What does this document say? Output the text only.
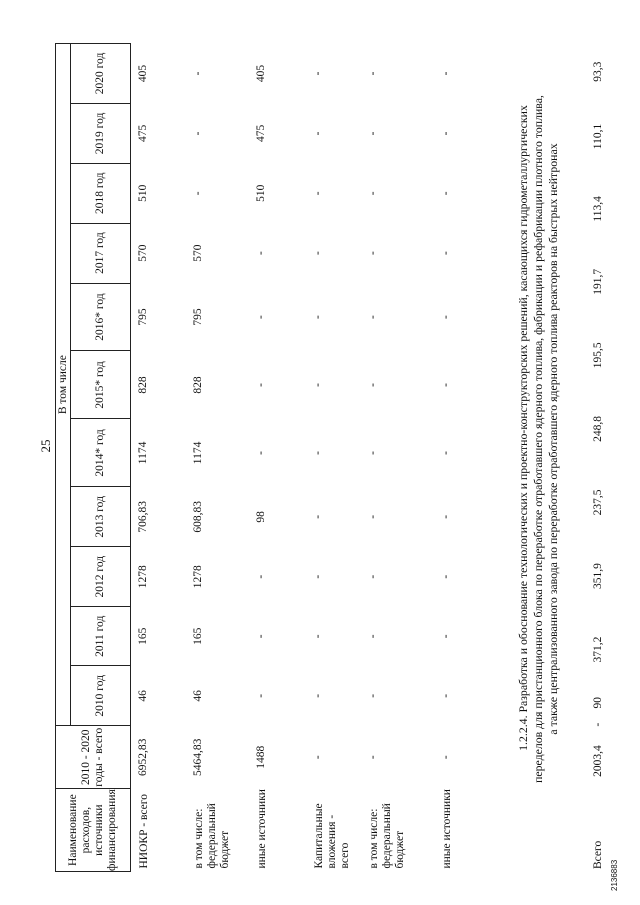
25
Наименование расходов, источники финансирования	2010 - 2020 годы - всего	В том числе										
		2010 год	2011 год	2012 год	2013 год	2014* год	2015* год	2016* год	2017 год	2018 год	2019 год	2020 год
НИОКР - всего	6952,83	46	165	1278	706,83	1174	828	795	570	510	475	405
в том числе: федеральный бюджет	5464,83	46	165	1278	608,83	1174	828	795	570	-	-	-
иные источники	1488	-	-	-	98	-	-	-	-	510	475	405
Капитальные вложения - всего	-	-	-	-	-	-	-	-	-	-	-	-
в том числе: федеральный бюджет	-	-	-	-	-	-	-	-	-	-	-	-
иные источники	-	-	-	-	-	-	-	-	-	-	-	-
1.2.2.4. Разработка и обоснование технологических и проектно-конструкторских решений, касающихся гидрометаллургических переделов для пристанционного блока по переработке отработавшего ядерного топлива, фабрикации и рефабрикации плотного топлива, а также централизованного завода по переработке отработавшего ядерного топлива реакторов на быстрых нейтронах
Всего	2003,4	-	90	371,2	351,9	237,5	248,8	195,5	191,7	113,4	110,1	93,3
2136883
